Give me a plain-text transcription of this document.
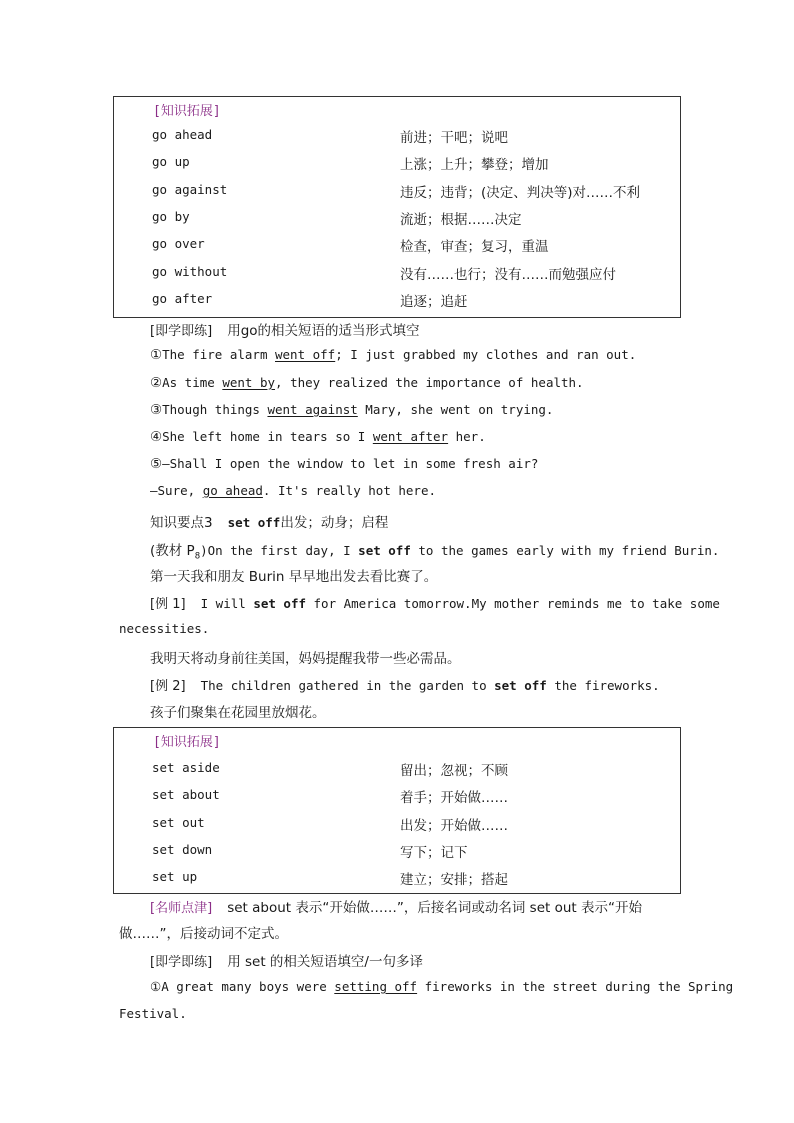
[知识拓展]
go ahead	前进；干吧；说吧
go up	上涨；上升；攀登；增加
go against	违反；违背；(决定、判决等)对……不利
go by	流逝；根据……决定
go over	检查，审查；复习，重温
go without	没有……也行；没有……而勉强应付
go after	追逐；追赶
[即学即练] 用go的相关短语的适当形式填空
①The fire alarm went off; I just grabbed my clothes and ran out.
②As time went by, they realized the importance of health.
③Though things went against Mary, she went on trying.
④She left home in tears so I went after her.
⑤—Shall I open the window to let in some fresh air?
—Sure, go ahead. It's really hot here.
知识要点3 set off出发；动身；启程
(教材 $P_8)On$ the first day, I set off to the games early with my friend Burin.
第一天我和朋友 Burin 早早地出发去看比赛了。
[例 1] I will set off for America tomorrow.My mother reminds me to take some
necessities.
我明天将动身前往美国，妈妈提醒我带一些必需品。
[例 2] The children gathered in the garden to set off the fireworks.
孩子们聚集在花园里放烟花。
[知识拓展]
set aside	留出；忽视；不顾
set about	着手；开始做……
set out	出发；开始做……
set down	写下；记下
set up	建立；安排；搭起
[名师点津] set about 表示“开始做……”，后接名词或动名词 set out 表示“开始
做……”，后接动词不定式。
[即学即练] 用 set 的相关短语填空/一句多译
①A great many boys were setting off fireworks in the street during the Spring
Festival.
